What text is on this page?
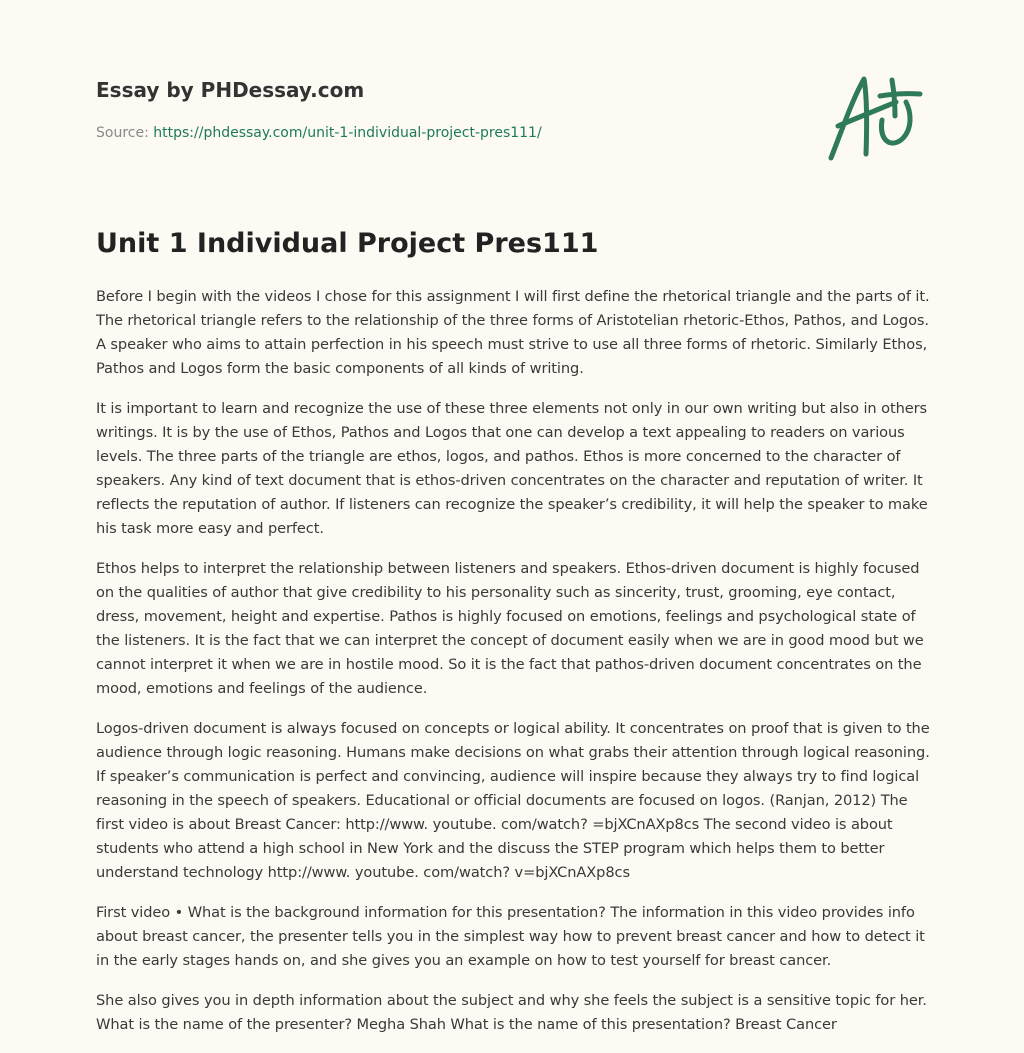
Essay by PHDessay.com
Source: https://phdessay.com/unit-1-individual-project-pres111/
Unit 1 Individual Project Pres111

Before I begin with the videos I chose for this assignment I will first define the rhetorical triangle and the parts of it. The rhetorical triangle refers to the relationship of the three forms of Aristotelian rhetoric-Ethos, Pathos, and Logos. A speaker who aims to attain perfection in his speech must strive to use all three forms of rhetoric. Similarly Ethos, Pathos and Logos form the basic components of all kinds of writing.

It is important to learn and recognize the use of these three elements not only in our own writing but also in others writings. It is by the use of Ethos, Pathos and Logos that one can develop a text appealing to readers on various levels. The three parts of the triangle are ethos, logos, and pathos. Ethos is more concerned to the character of speakers. Any kind of text document that is ethos-driven concentrates on the character and reputation of writer. It reflects the reputation of author. If listeners can recognize the speaker’s credibility, it will help the speaker to make his task more easy and perfect.

Ethos helps to interpret the relationship between listeners and speakers. Ethos-driven document is highly focused on the qualities of author that give credibility to his personality such as sincerity, trust, grooming, eye contact, dress, movement, height and expertise. Pathos is highly focused on emotions, feelings and psychological state of the listeners. It is the fact that we can interpret the concept of document easily when we are in good mood but we cannot interpret it when we are in hostile mood. So it is the fact that pathos-driven document concentrates on the mood, emotions and feelings of the audience.

Logos-driven document is always focused on concepts or logical ability. It concentrates on proof that is given to the audience through logic reasoning. Humans make decisions on what grabs their attention through logical reasoning. If speaker’s communication is perfect and convincing, audience will inspire because they always try to find logical reasoning in the speech of speakers. Educational or official documents are focused on logos. (Ranjan, 2012) The first video is about Breast Cancer: http://www. youtube. com/watch? =bjXCnAXp8cs The second video is about students who attend a high school in New York and the discuss the STEP program which helps them to better understand technology http://www. youtube. com/watch? v=bjXCnAXp8cs

First video • What is the background information for this presentation? The information in this video provides info about breast cancer, the presenter tells you in the simplest way how to prevent breast cancer and how to detect it in the early stages hands on, and she gives you an example on how to test yourself for breast cancer.

She also gives you in depth information about the subject and why she feels the subject is a sensitive topic for her. What is the name of the presenter? Megha Shah What is the name of this presentation? Breast Cancer
